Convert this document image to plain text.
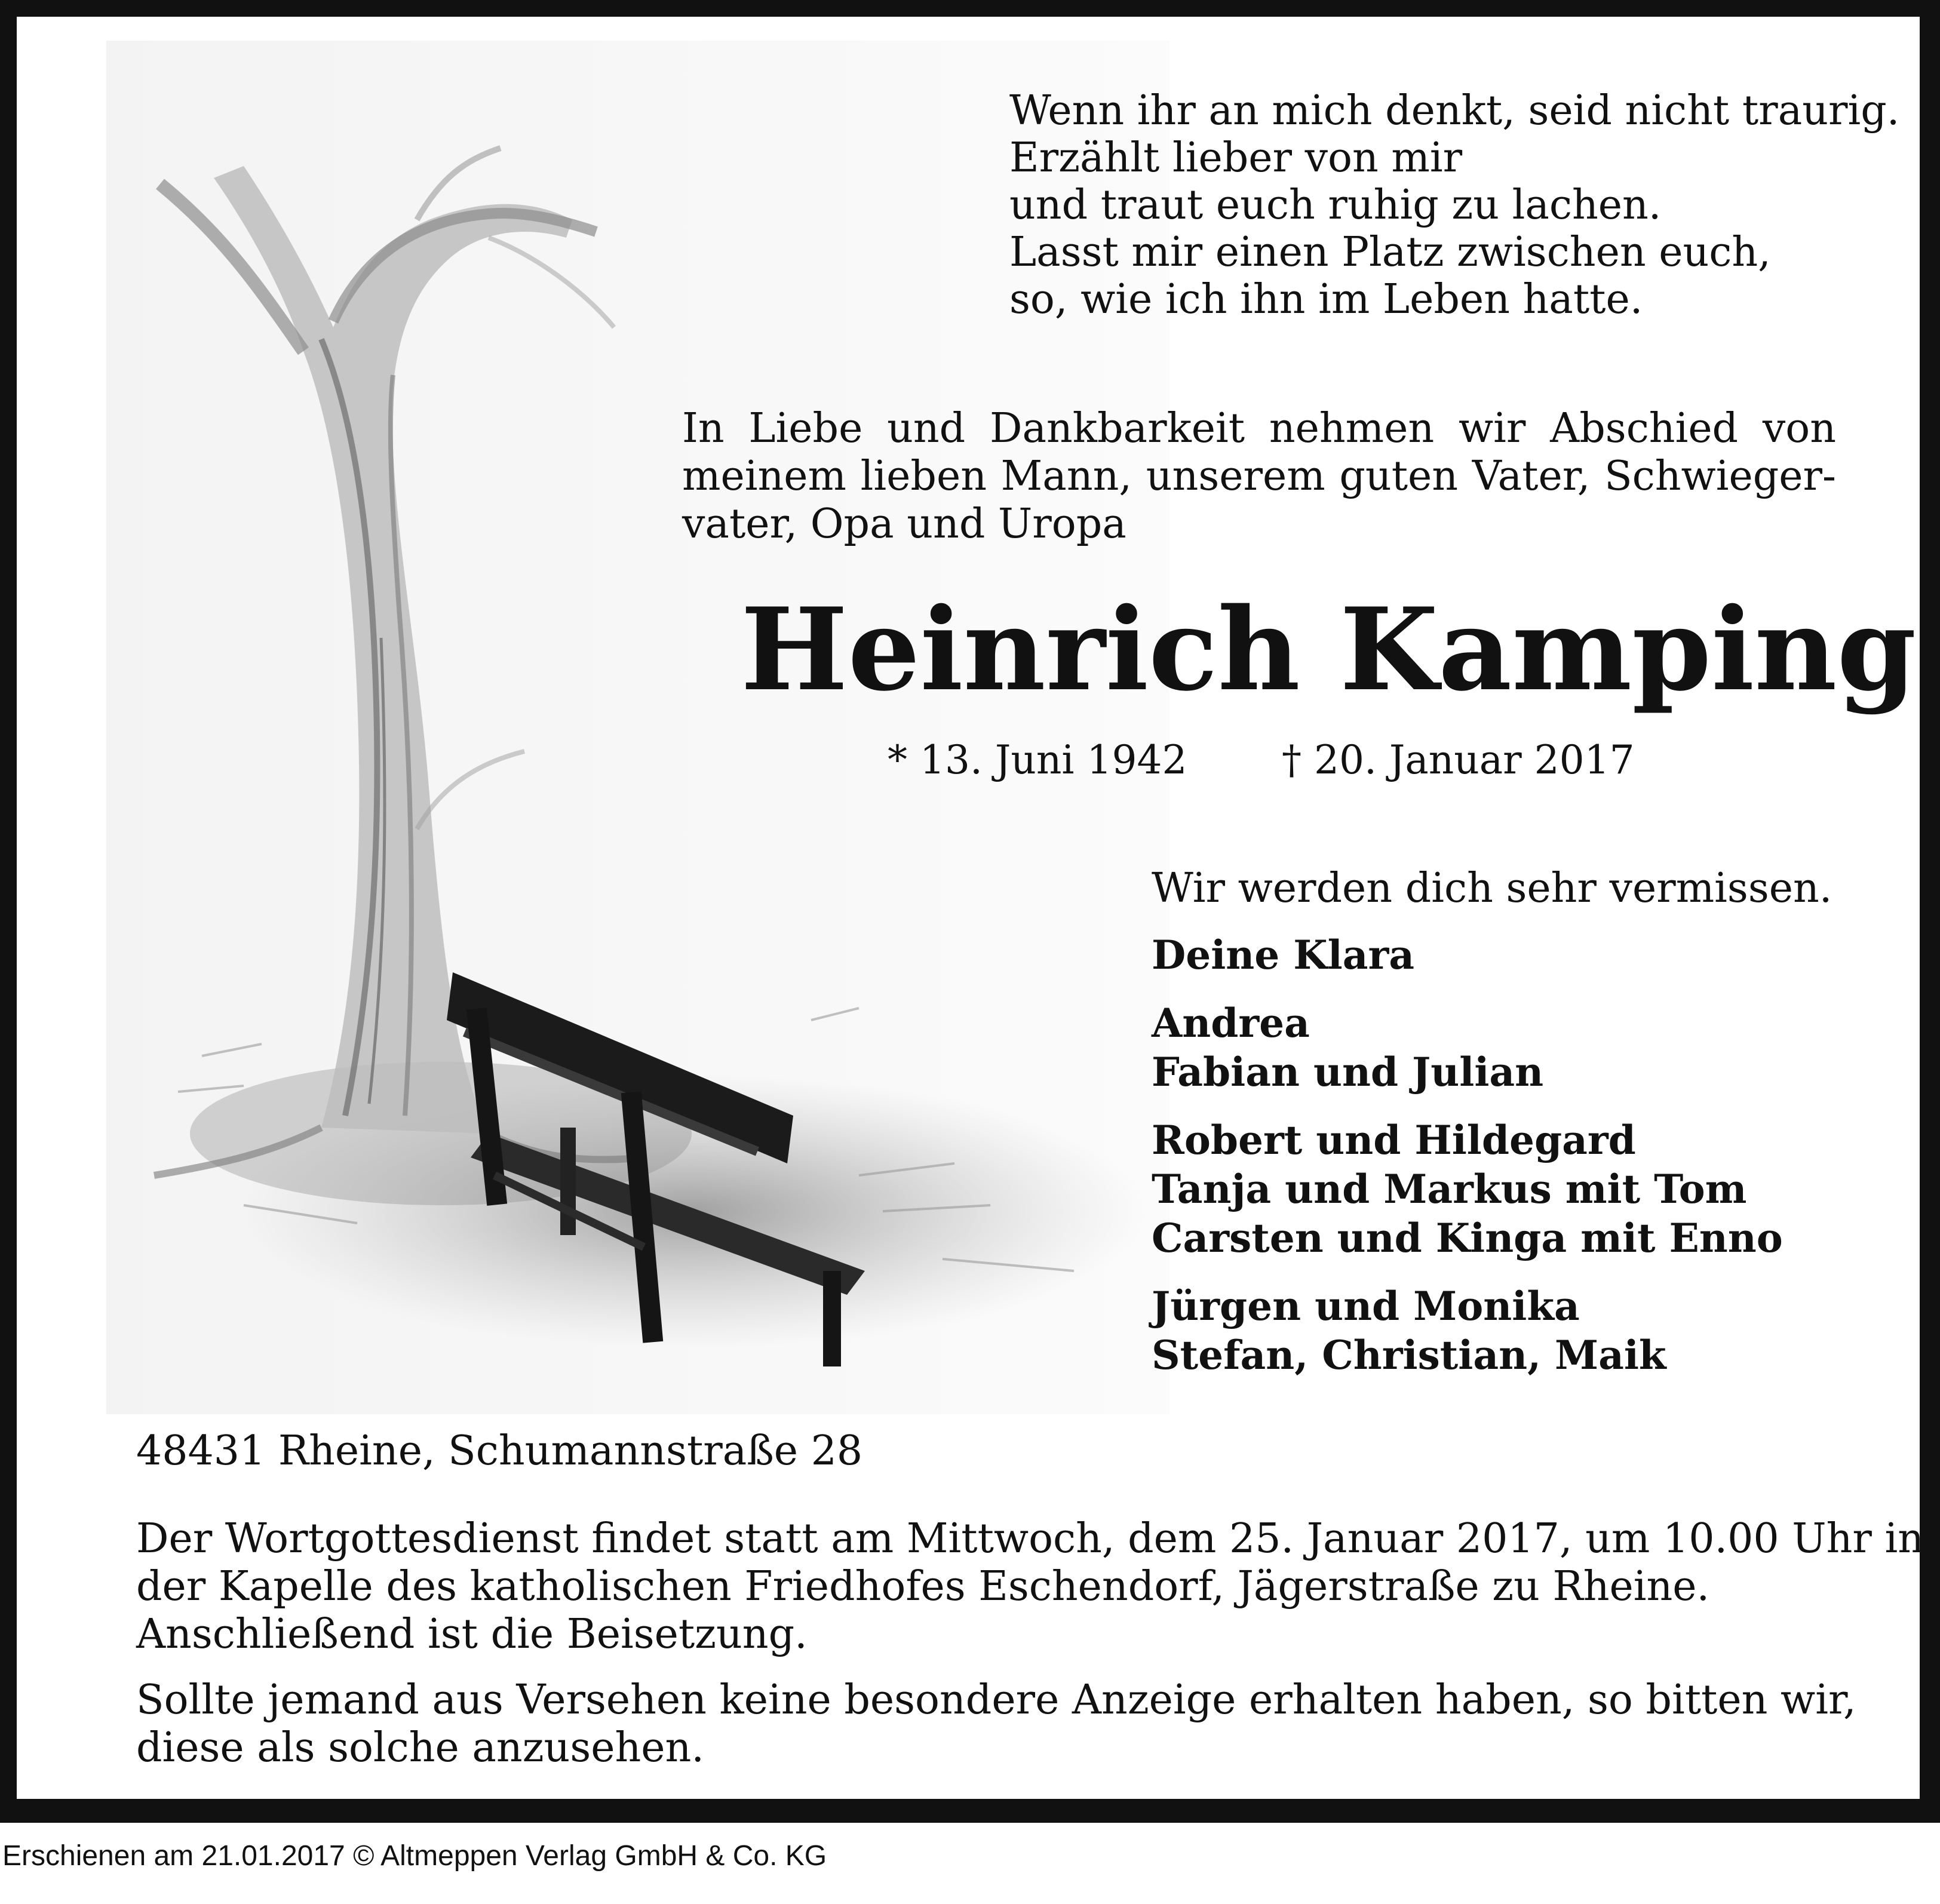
Wenn ihr an mich denkt, seid nicht traurig.
Erzählt lieber von mir
und traut euch ruhig zu lachen.
Lasst mir einen Platz zwischen euch,
so, wie ich ihn im Leben hatte.
In Liebe und Dankbarkeit nehmen wir Abschied von
meinem lieben Mann, unserem guten Vater, Schwieger-
vater, Opa und Uropa
Heinrich Kamping
* 13. Juni 1942 † 20. Januar 2017
Wir werden dich sehr vermissen.
Deine Klara
Andrea
Fabian und Julian
Robert und Hildegard
Tanja und Markus mit Tom
Carsten und Kinga mit Enno
Jürgen und Monika
Stefan, Christian, Maik
48431 Rheine, Schumannstraße 28
Der Wortgottesdienst findet statt am Mittwoch, dem 25. Januar 2017, um 10.00 Uhr in
der Kapelle des katholischen Friedhofes Eschendorf, Jägerstraße zu Rheine.
Anschließend ist die Beisetzung.
Sollte jemand aus Versehen keine besondere Anzeige erhalten haben, so bitten wir,
diese als solche anzusehen.
Erschienen am 21.01.2017 © Altmeppen Verlag GmbH & Co. KG
